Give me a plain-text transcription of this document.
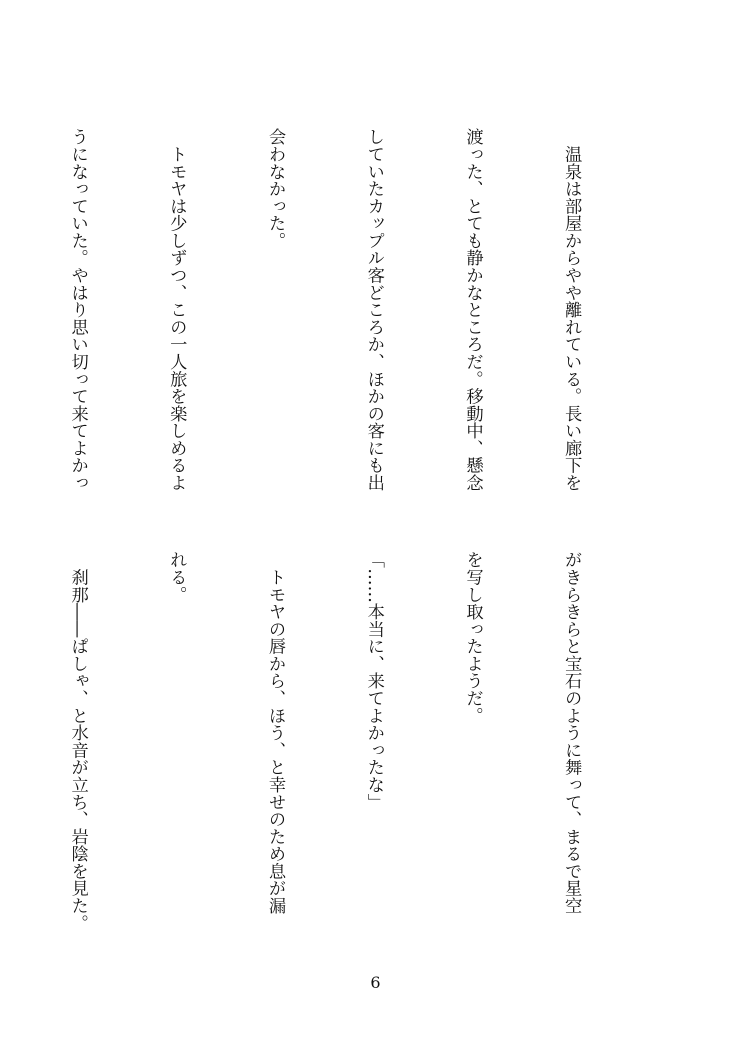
　温泉は部屋からやや離れている。長い廊下を

渡った、とても静かなところだ。移動中、懸念

していたカップル客どころか、ほかの客にも出

会わなかった。

　トモヤは少しずつ、この一人旅を楽しめるよ

うになっていた。やはり思い切って来てよかっ

がきらきらと宝石のように舞って、まるで星空

を写し取ったようだ。

「……本当に、来てよかったな」

　トモヤの唇から、ほう、と幸せのため息が漏

れる。

　刹那――ぱしゃ、と水音が立ち、岩陰を見た。

6
